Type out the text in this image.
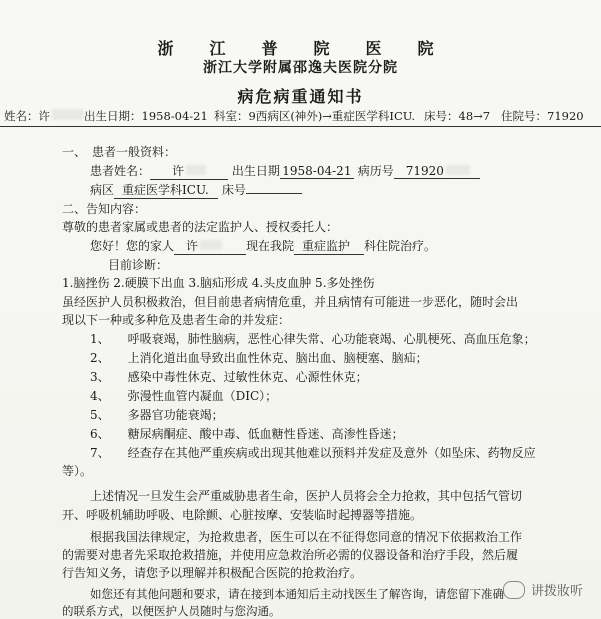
浙　江　普　院　医　院
浙江大学附属邵逸夫医院分院
病危病重通知书
姓名：许	出生日期：1958-04-21 科室：9西病区(神外)→重症医学科ICU. 床号：48→7 住院号：71920
一、　患者一般资料：
患者姓名： 许	出生日期 1958-04-21 病历号 71920
病区 重症医学科ICU. 床号
二、告知内容：
尊敬的患者家属或患者的法定监护人、授权委托人：
您好！您的家人 许	现在我院 重症监护 科住院治疗。
目前诊断：
1.脑挫伤 2.硬膜下出血 3.脑疝形成 4.头皮血肿 5.多处挫伤
虽经医护人员积极救治，但目前患者病情危重，并且病情有可能进一步恶化，随时会出
现以下一种或多种危及患者生命的并发症：
1、 呼吸衰竭，肺性脑病，恶性心律失常、心功能衰竭、心肌梗死、高血压危象；
2、 上消化道出血导致出血性休克、脑出血、脑梗塞、脑疝；
3、 感染中毒性休克、过敏性休克、心源性休克；
4、 弥漫性血管内凝血（DIC）；
5、 多器官功能衰竭；
6、 糖尿病酮症、酸中毒、低血糖性昏迷、高渗性昏迷；
7、 经查存在其他严重疾病或出现其他难以预料并发症及意外（如坠床、药物反应
等）。
上述情况一旦发生会严重威胁患者生命，医护人员将会全力抢救，其中包括气管切
开、呼吸机辅助呼吸、电除颤、心脏按摩、安装临时起搏器等措施。
根据我国法律规定，为抢救患者，医生可以在不征得您同意的情况下依据救治工作
的需要对患者先采取抢救措施，并使用应急救治所必需的仪器设备和治疗手段，然后履
行告知义务，请您予以理解并积极配合医院的抢救治疗。
如您还有其他问题和要求，请在接到本通知后主动找医生了解咨询，请您留下准确
的联系方式，以便医护人员随时与您沟通。
讲拨妝听
